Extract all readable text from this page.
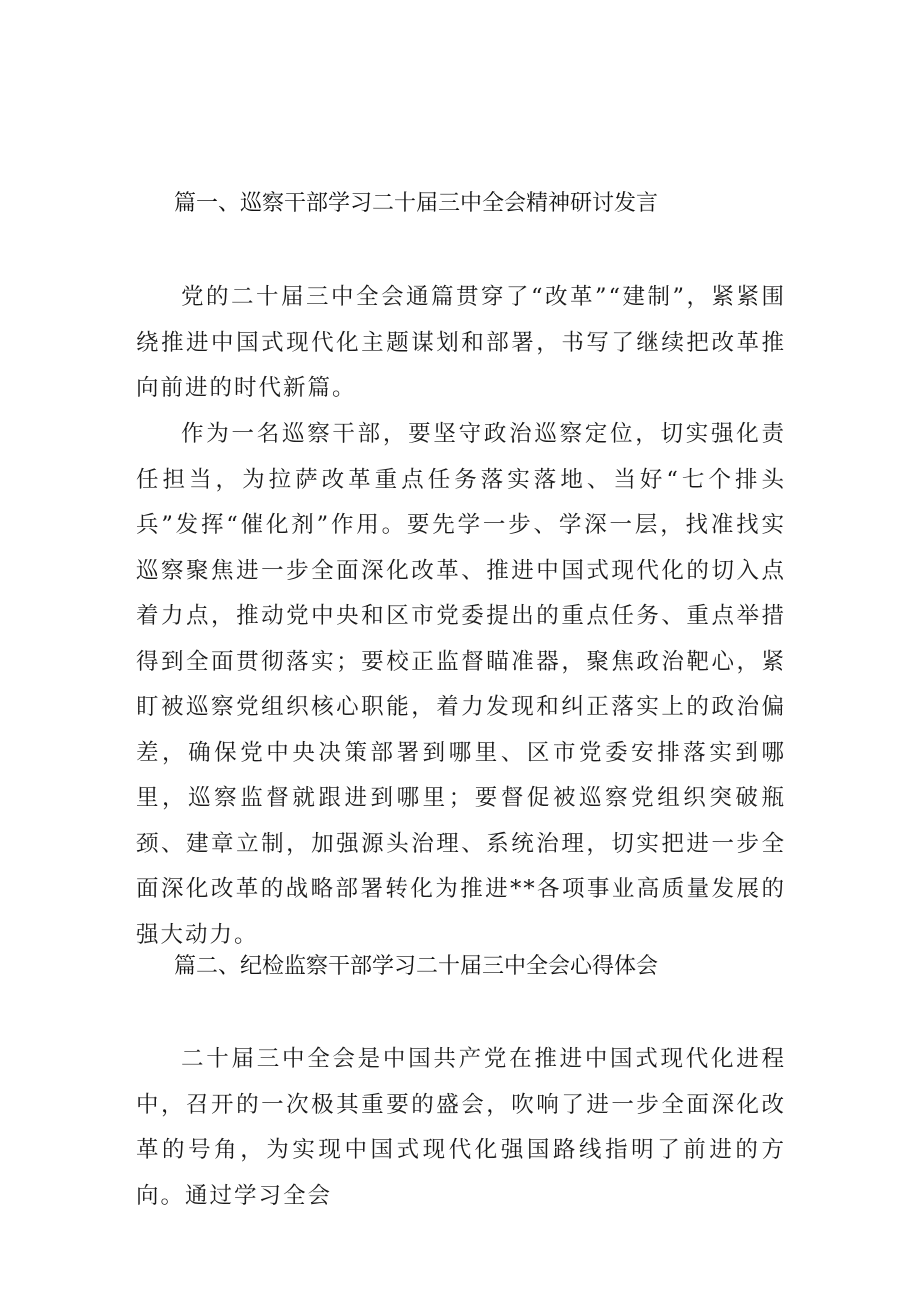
篇一、巡察干部学习二十届三中全会精神研讨发言

党的二十届三中全会通篇贯穿了“改革”“建制”，紧紧围绕推进中国式现代化主题谋划和部署，书写了继续把改革推向前进的时代新篇。

作为一名巡察干部，要坚守政治巡察定位，切实强化责任担当，为拉萨改革重点任务落实落地、当好“七个排头兵”发挥“催化剂”作用。要先学一步、学深一层，找准找实巡察聚焦进一步全面深化改革、推进中国式现代化的切入点着力点，推动党中央和区市党委提出的重点任务、重点举措得到全面贯彻落实；要校正监督瞄准器，聚焦政治靶心，紧盯被巡察党组织核心职能，着力发现和纠正落实上的政治偏差，确保党中央决策部署到哪里、区市党委安排落实到哪里，巡察监督就跟进到哪里；要督促被巡察党组织突破瓶颈、建章立制，加强源头治理、系统治理，切实把进一步全面深化改革的战略部署转化为推进**各项事业高质量发展的强大动力。

篇二、纪检监察干部学习二十届三中全会心得体会

二十届三中全会是中国共产党在推进中国式现代化进程中，召开的一次极其重要的盛会，吹响了进一步全面深化改革的号角，为实现中国式现代化强国路线指明了前进的方向。通过学习全会
